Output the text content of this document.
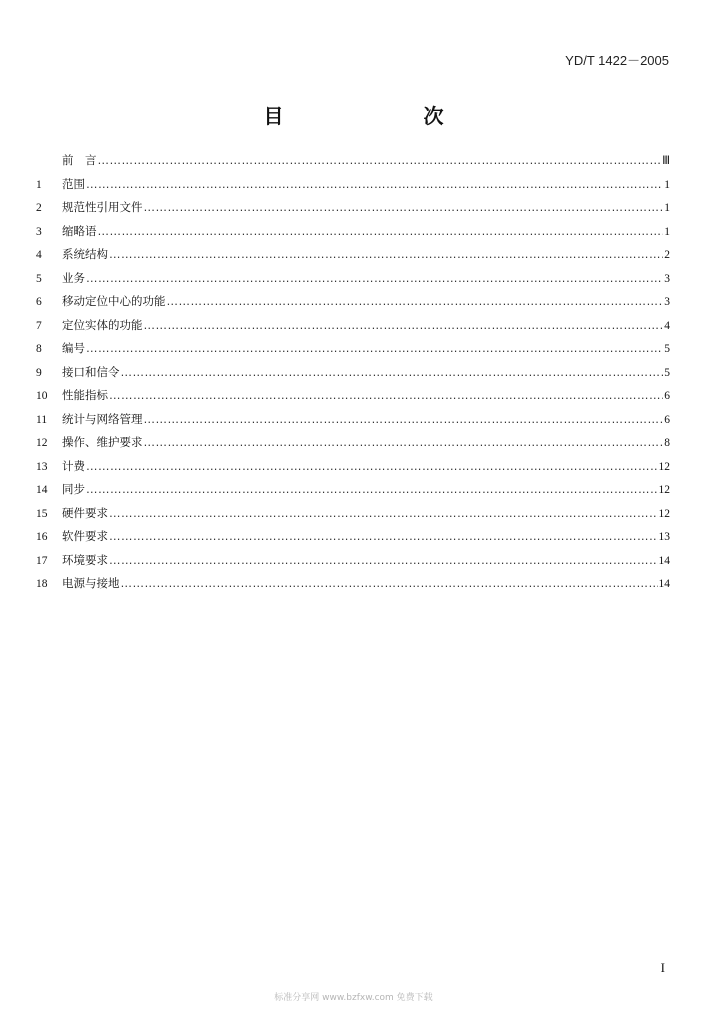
YD/T 1422－2005
目　次
前　言 …………………………………………………………………………………………………………………………………………………………………………	Ⅲ
1	范围 …………………………………………………………………………………………………………………………………………………………………………	1
2	规范性引用文件 …………………………………………………………………………………………………………………………………………………………………………	1
3	缩略语 …………………………………………………………………………………………………………………………………………………………………………	1
4	系统结构 …………………………………………………………………………………………………………………………………………………………………………	2
5	业务 …………………………………………………………………………………………………………………………………………………………………………	3
6	移动定位中心的功能 …………………………………………………………………………………………………………………………………………………………………………	3
7	定位实体的功能 …………………………………………………………………………………………………………………………………………………………………………	4
8	编号 …………………………………………………………………………………………………………………………………………………………………………	5
9	接口和信令 …………………………………………………………………………………………………………………………………………………………………………	5
10	性能指标 …………………………………………………………………………………………………………………………………………………………………………	6
11	统计与网络管理 …………………………………………………………………………………………………………………………………………………………………………	6
12	操作、维护要求 …………………………………………………………………………………………………………………………………………………………………………	8
13	计费 …………………………………………………………………………………………………………………………………………………………………………	12
14	同步 …………………………………………………………………………………………………………………………………………………………………………	12
15	硬件要求 …………………………………………………………………………………………………………………………………………………………………………	12
16	软件要求 …………………………………………………………………………………………………………………………………………………………………………	13
17	环境要求 …………………………………………………………………………………………………………………………………………………………………………	14
18	电源与接地 …………………………………………………………………………………………………………………………………………………………………………	14
I
标准分享网 www.bzfxw.com 免费下载
